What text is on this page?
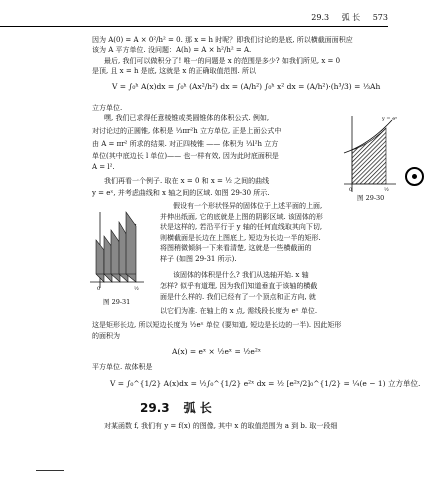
29.3 弧 长 573
因为 A(0) = A × 0²/h² = 0. 那 x = h 时呢？即我们讨论的是底, 所以横截面面积应
该为 A 平方单位. 没问题：A(h) = A × h²/h² = A.
最后, 我们可以做积分了! 唯一的问题是 x 的范围是多少? 如我们所见, x = 0
是顶, 且 x = h 是底, 这就是 x 的正确取值范围. 所以
V = ∫₀ʰ A(x)dx = ∫₀ʰ (Ax²/h²) dx = (A/h²) ∫₀ʰ x² dx = (A/h²)·(h³/3) = ⅓Ah
立方单位.
嘿, 我们已求得任意棱锥或类圆锥体的体积公式. 例如,
对讨论过的正圆锥, 体积是 ⅓πr²h 立方单位, 正是上面公式中
由 A = πr² 所求的结果. 对正四棱锥 —— 体积为 ⅓l²h 立方
单位(其中底边长 l 单位)—— 也一样有效, 因为此时底面积是
A = l².
我们再看一个例子. 取在 x = 0 和 x = ½ 之间的曲线
y = eˣ, 并考虑曲线和 x 轴之间的区域. 如图 29-30 所示.
y = eˣ
0	½
图 29-30
假设有一个形状怪异的固体位于上述平面的上面,
并伸出纸面, 它的底就是上图的阴影区域. 该固体的形
状是这样的, 若沿平行于 y 轴的任何直线取其向下切,
则横截面是长边在上图底上, 短边为长边一半的矩形.
将图稍微倾斜一下来看清楚, 这就是一些横截面的
样子 (如图 29-31 所示).
该固体的体积是什么? 我们从选轴开始. x 轴
怎样? 似乎有道理, 因为我们知道垂直于该轴的横截
面是什么样的. 我们已经有了一个顶点和正方向, 就
以它们为准. 在轴上的 x 点, 需线段长度为 eˣ 单位.
0	½
图 29-31
这是矩形长边, 所以短边长度为 ½eˣ 单位 (要知道, 短边是长边的一半). 因此矩形
的面积为
A(x) = eˣ × ½eˣ = ½e²ˣ
平方单位. 故体积是
V = ∫₀^{1/2} A(x)dx = ½∫₀^{1/2} e²ˣ dx = ½ [e²ˣ/2]₀^{1/2} = ¼(e − 1) 立方单位.
29.3 弧 长
对某函数 f, 我们有 y = f(x) 的图像, 其中 x 的取值范围为 a 到 b. 取一段细
